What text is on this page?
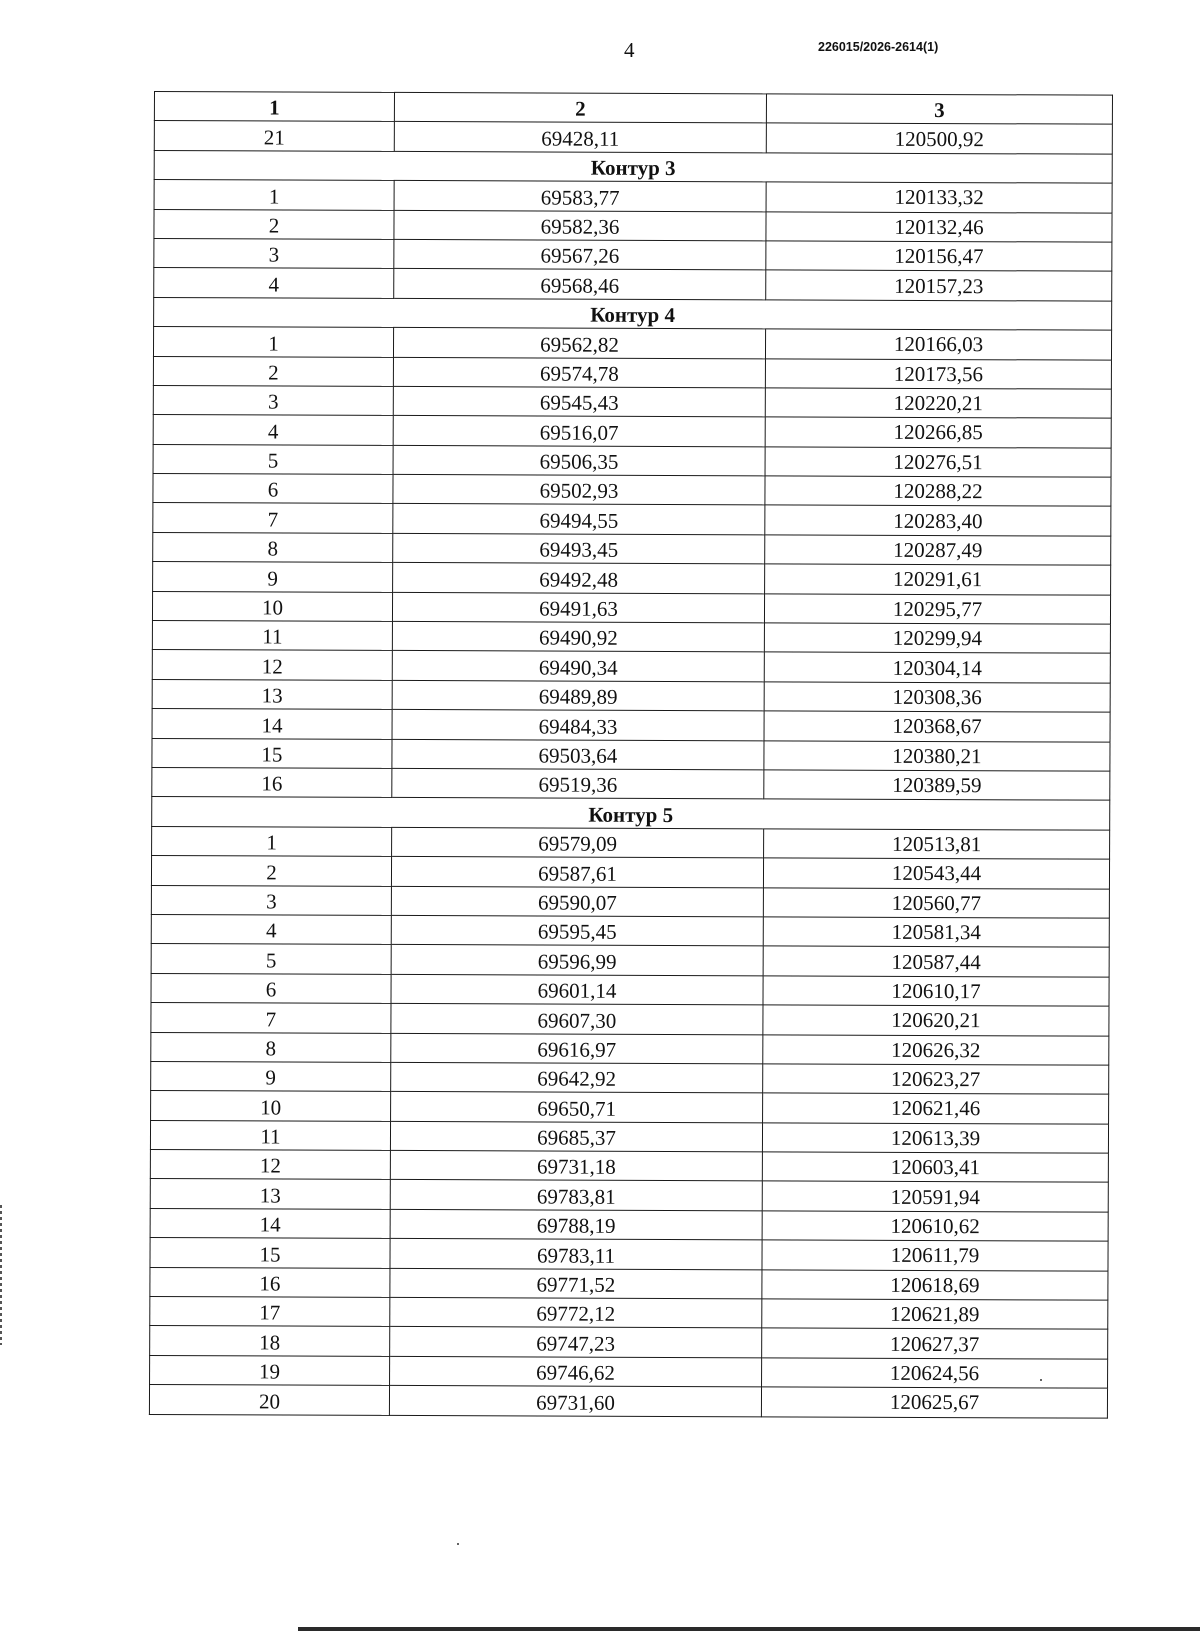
4	226015/2026-2614(1)
1	2	3
21	69428,11	120500,92
Контур 3		
1	69583,77	120133,32
2	69582,36	120132,46
3	69567,26	120156,47
4	69568,46	120157,23
Контур 4		
1	69562,82	120166,03
2	69574,78	120173,56
3	69545,43	120220,21
4	69516,07	120266,85
5	69506,35	120276,51
6	69502,93	120288,22
7	69494,55	120283,40
8	69493,45	120287,49
9	69492,48	120291,61
10	69491,63	120295,77
11	69490,92	120299,94
12	69490,34	120304,14
13	69489,89	120308,36
14	69484,33	120368,67
15	69503,64	120380,21
16	69519,36	120389,59
Контур 5		
1	69579,09	120513,81
2	69587,61	120543,44
3	69590,07	120560,77
4	69595,45	120581,34
5	69596,99	120587,44
6	69601,14	120610,17
7	69607,30	120620,21
8	69616,97	120626,32
9	69642,92	120623,27
10	69650,71	120621,46
11	69685,37	120613,39
12	69731,18	120603,41
13	69783,81	120591,94
14	69788,19	120610,62
15	69783,11	120611,79
16	69771,52	120618,69
17	69772,12	120621,89
18	69747,23	120627,37
19	69746,62	120624,56
20	69731,60	120625,67
